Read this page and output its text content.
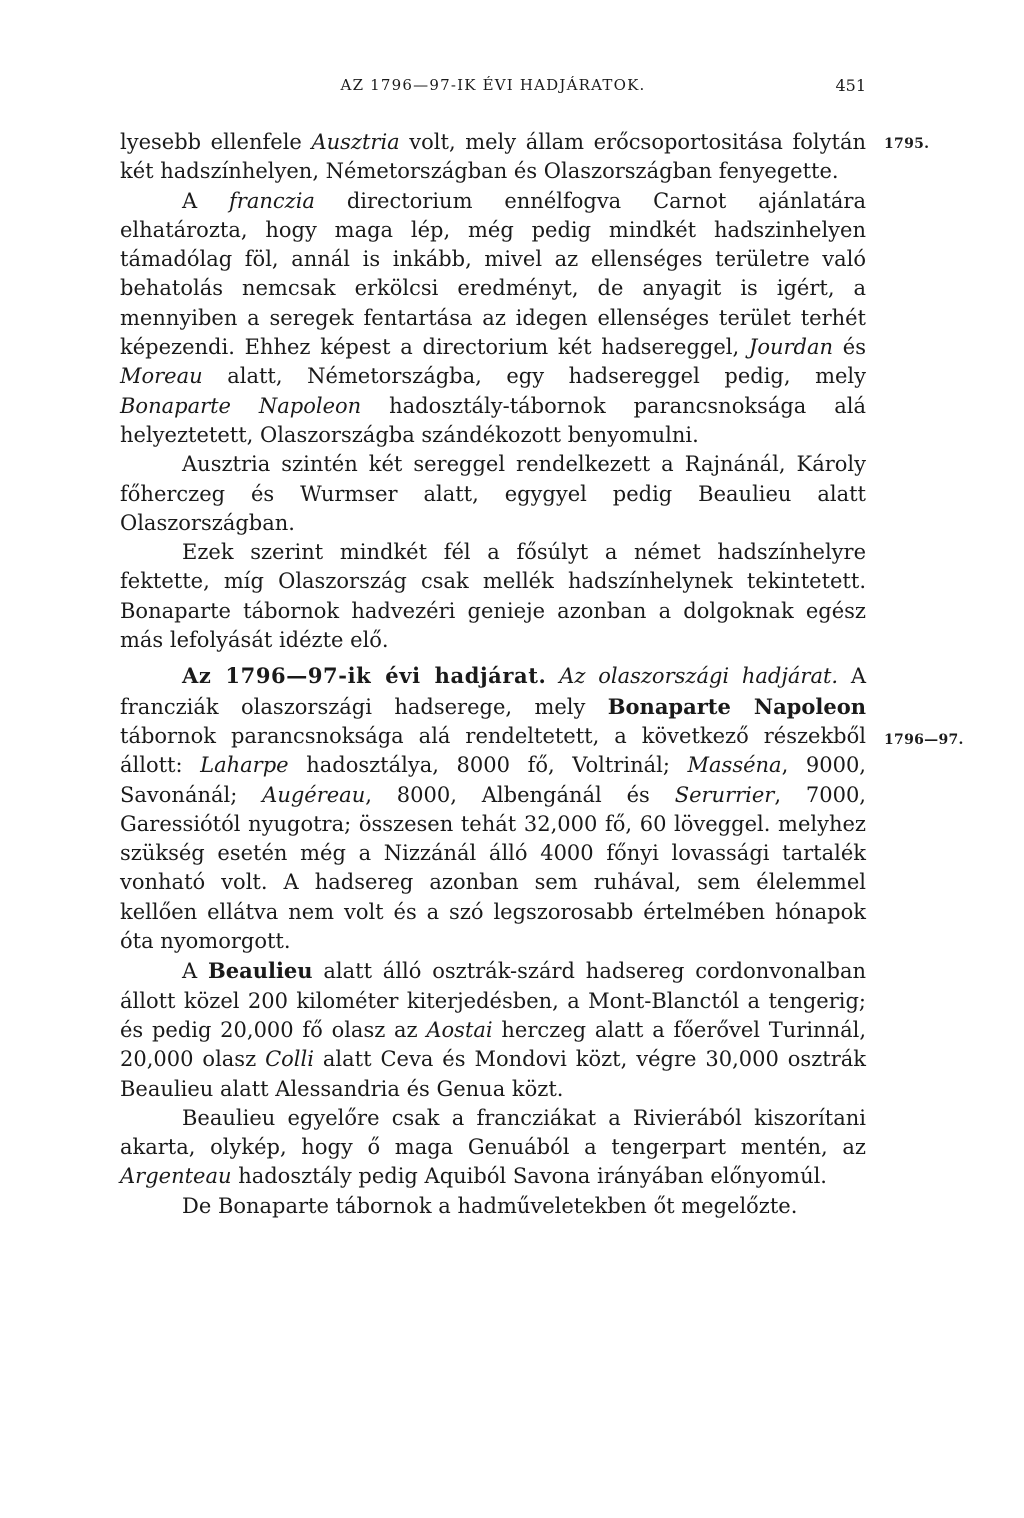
AZ 1796—97-IK ÉVI HADJÁRATOK.	451
1795.
1796—97.

lyesebb ellenfele Ausztria volt, mely állam erőcsoportositása folytán két hadszínhelyen, Németországban és Olaszországban fenyegette.

A franczia directorium ennélfogva Carnot ajánlatára elhatározta, hogy maga lép, még pedig mindkét hadszinhelyen támadólag föl, annál is inkább, mivel az ellenséges területre való behatolás nemcsak erkölcsi eredményt, de anyagit is igért, a mennyiben a seregek fentartása az idegen ellenséges terület terhét képezendi. Ehhez képest a directorium két hadsereggel, Jourdan és Moreau alatt, Németországba, egy hadsereggel pedig, mely Bonaparte Napoleon hadosztály-tábornok parancsnoksága alá helyeztetett, Olaszországba szándékozott benyomulni.

Ausztria szintén két sereggel rendelkezett a Rajnánál, Károly főherczeg és Wurmser alatt, egygyel pedig Beaulieu alatt Olaszországban.

Ezek szerint mindkét fél a fősúlyt a német hadszínhelyre fektette, míg Olaszország csak mellék hadszínhelynek tekintetett. Bonaparte tábornok hadvezéri genieje azonban a dolgoknak egész más lefolyását idézte elő.

Az 1796—97-ik évi hadjárat. Az olaszországi hadjárat. A francziák olaszországi hadserege, mely Bonaparte Napoleon tábornok parancsnoksága alá rendeltetett, a következő részekből állott: Laharpe hadosztálya, 8000 fő, Voltrinál; Masséna, 9000, Savonánál; Augéreau, 8000, Albengánál és Serurrier, 7000, Garessiótól nyugotra; összesen tehát 32,000 fő, 60 löveggel. melyhez szükség esetén még a Nizzánál álló 4000 főnyi lovassági tartalék vonható volt. A hadsereg azonban sem ruhával, sem élelemmel kellően ellátva nem volt és a szó legszorosabb értelmében hónapok óta nyomorgott.

A Beaulieu alatt álló osztrák-szárd hadsereg cordonvonalban állott közel 200 kilométer kiterjedésben, a Mont-Blanctól a tengerig; és pedig 20,000 fő olasz az Aostai herczeg alatt a főerővel Turinnál, 20,000 olasz Colli alatt Ceva és Mondovi közt, végre 30,000 osztrák Beaulieu alatt Alessandria és Genua közt.

Beaulieu egyelőre csak a francziákat a Rivierából kiszorítani akarta, olykép, hogy ő maga Genuából a tengerpart mentén, az Argenteau hadosztály pedig Aquiból Savona irányában előnyomúl.

De Bonaparte tábornok a hadműveletekben őt megelőzte.
